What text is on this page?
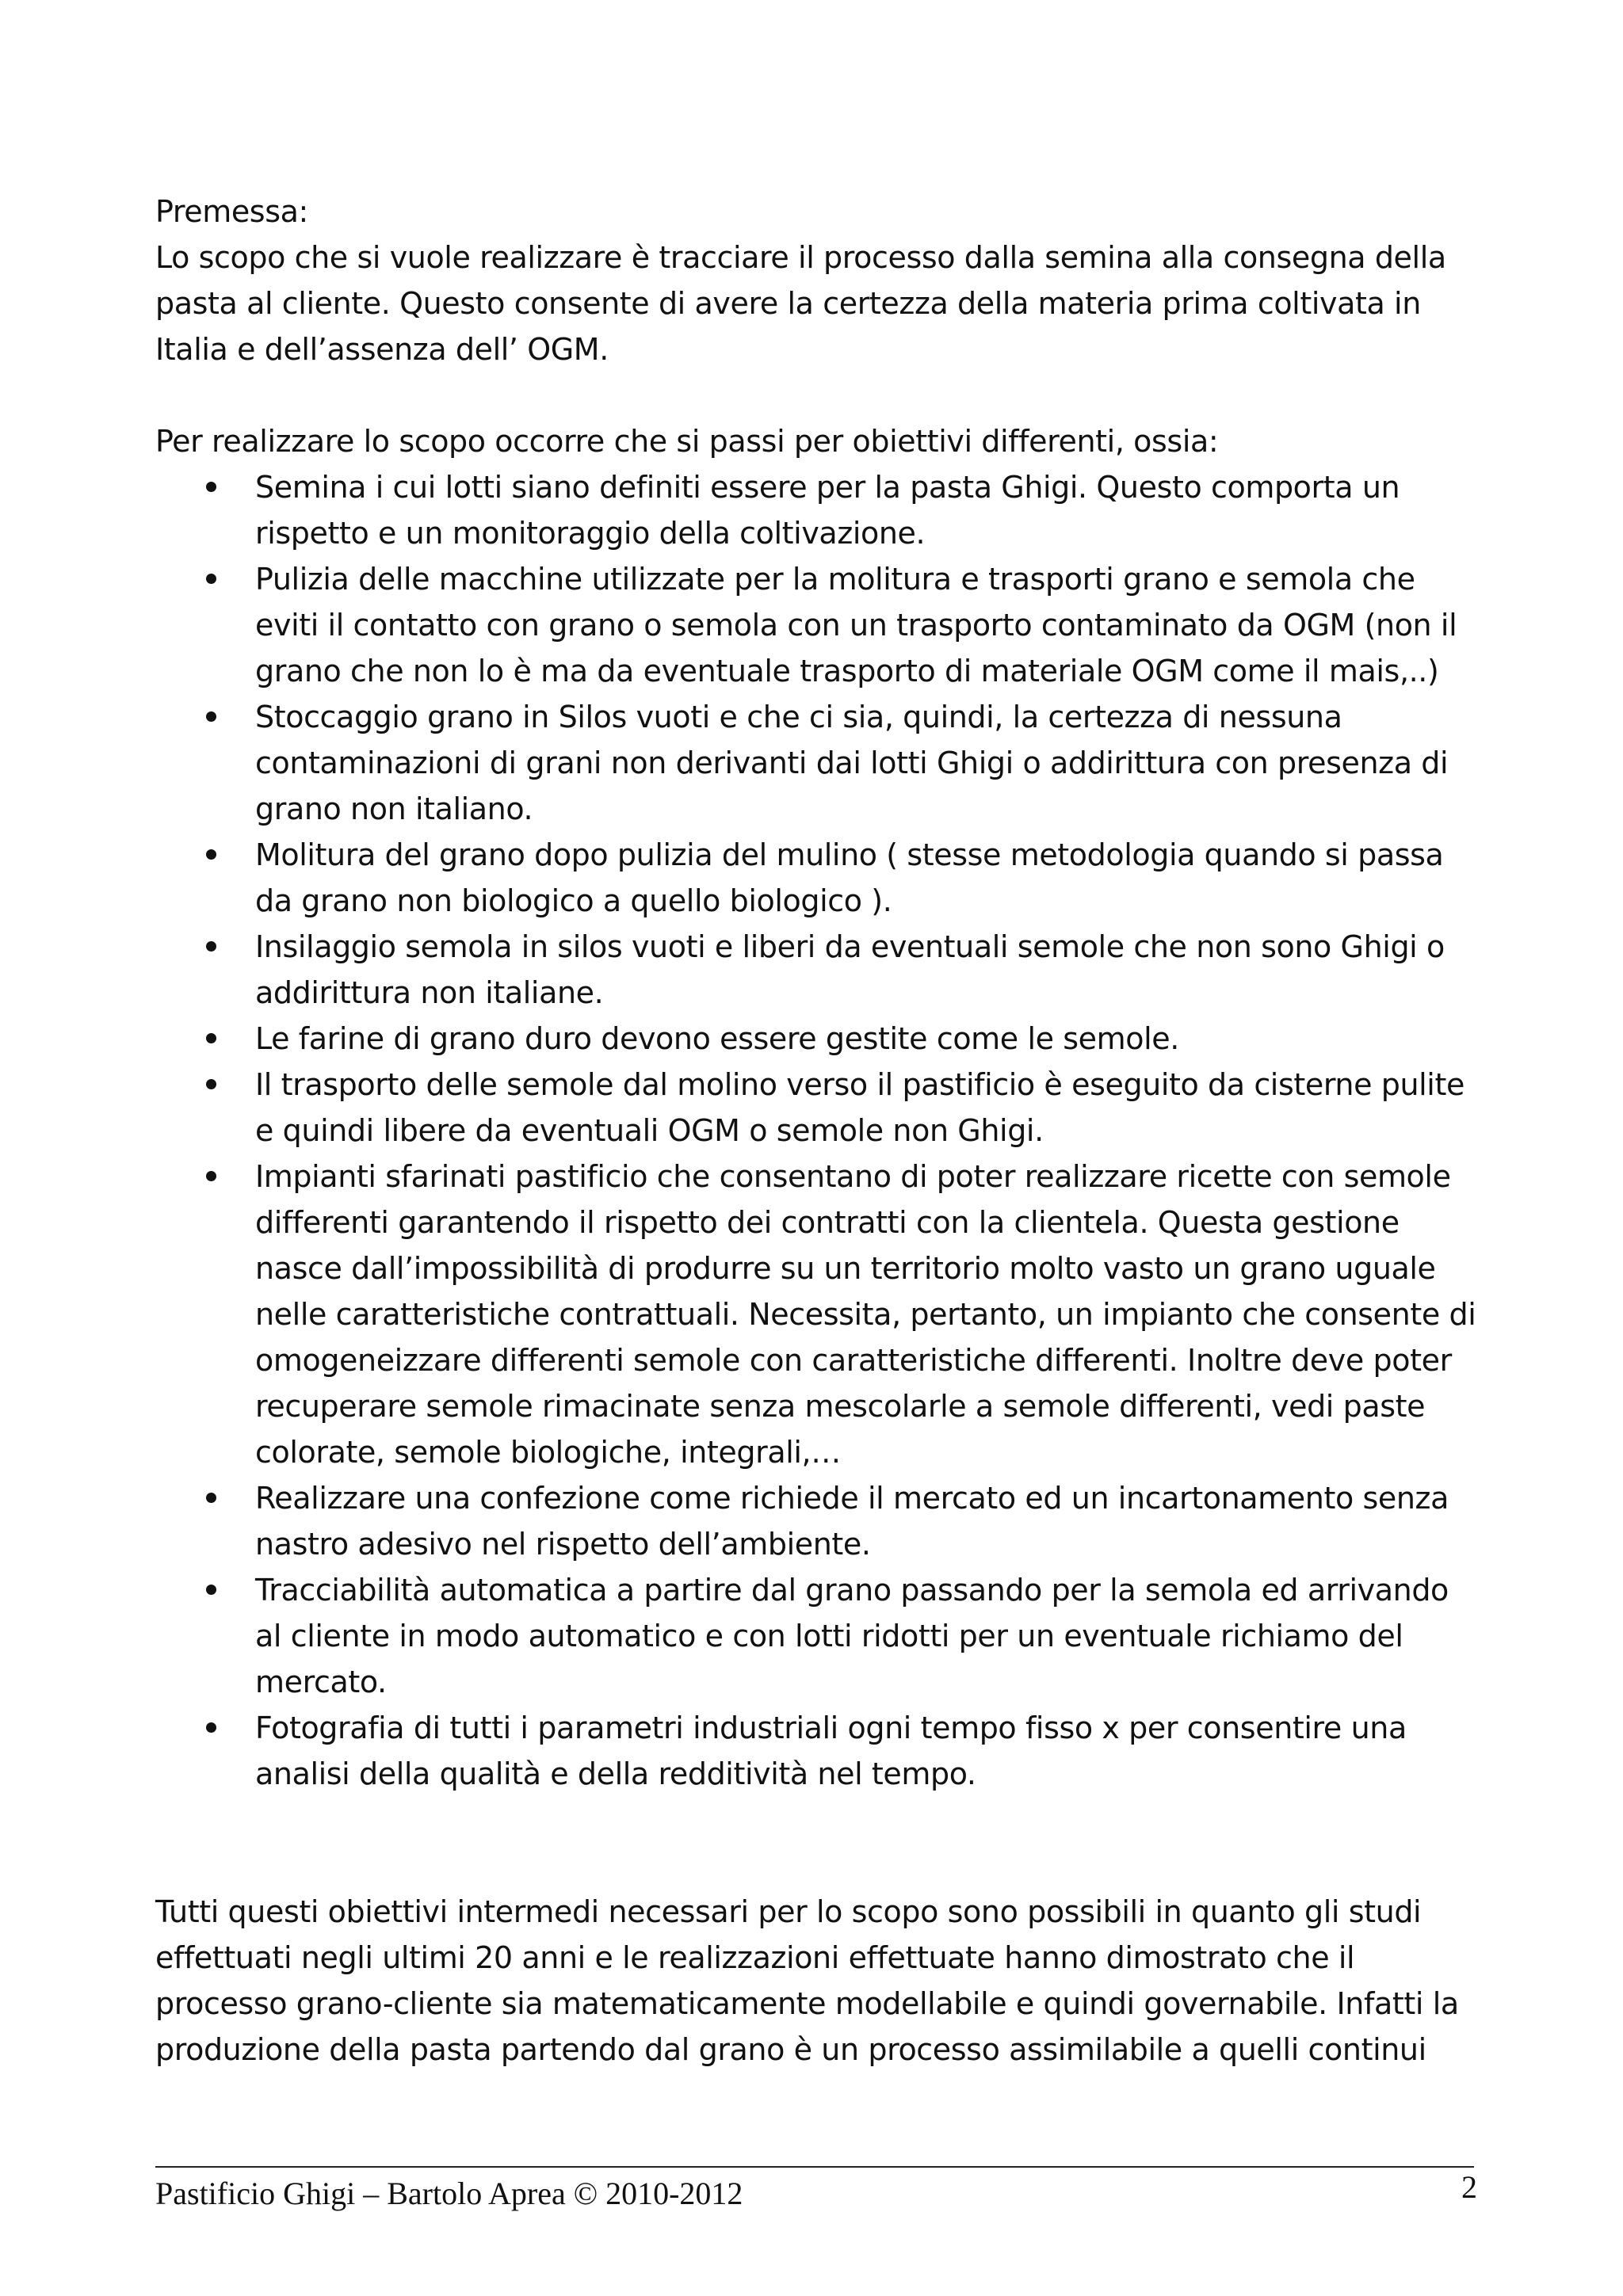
Premessa:

Lo scopo che si vuole realizzare è tracciare il processo dalla semina alla consegna della pasta al cliente. Questo consente di avere la certezza della materia prima coltivata in Italia e dell’assenza dell’ OGM.

Per realizzare lo scopo occorre che si passi per obiettivi differenti, ossia:

Semina i cui lotti siano definiti essere per la pasta Ghigi. Questo comporta un rispetto e un monitoraggio della coltivazione.
Pulizia delle macchine utilizzate per la molitura e trasporti grano e semola che eviti il contatto con grano o semola con un trasporto contaminato da OGM (non il grano che non lo è ma da eventuale trasporto di materiale OGM come il mais,..)
Stoccaggio grano in Silos vuoti e che ci sia, quindi, la certezza di nessuna contaminazioni di grani non derivanti dai lotti Ghigi o addirittura con presenza di grano non italiano.
Molitura del grano dopo pulizia del mulino ( stesse metodologia quando si passa da grano non biologico a quello biologico ).
Insilaggio semola in silos vuoti e liberi da eventuali semole che non sono Ghigi o addirittura non italiane.
Le farine di grano duro devono essere gestite come le semole.
Il trasporto delle semole dal molino verso il pastificio è eseguito da cisterne pulite e quindi libere da eventuali OGM o semole non Ghigi.
Impianti sfarinati pastificio che consentano di poter realizzare ricette con semole differenti garantendo il rispetto dei contratti con la clientela. Questa gestione nasce dall’impossibilità di produrre su un territorio molto vasto un grano uguale nelle caratteristiche contrattuali. Necessita, pertanto, un impianto che consente di omogeneizzare differenti semole con caratteristiche differenti. Inoltre deve poter recuperare semole rimacinate senza mescolarle a semole differenti, vedi paste colorate, semole biologiche, integrali,…
Realizzare una confezione come richiede il mercato ed un incartonamento senza nastro adesivo nel rispetto dell’ambiente.
Tracciabilità automatica a partire dal grano passando per la semola ed arrivando al cliente in modo automatico e con lotti ridotti per un eventuale richiamo del mercato.
Fotografia di tutti i parametri industriali ogni tempo fisso x per consentire una analisi della qualità e della redditività nel tempo.

Tutti questi obiettivi intermedi necessari per lo scopo sono possibili in quanto gli studi effettuati negli ultimi 20 anni e le realizzazioni effettuate hanno dimostrato che il processo grano-cliente sia matematicamente modellabile e quindi governabile. Infatti la produzione della pasta partendo dal grano è un processo assimilabile a quelli continui

Pastificio Ghigi – Bartolo Aprea © 2010-2012	2
